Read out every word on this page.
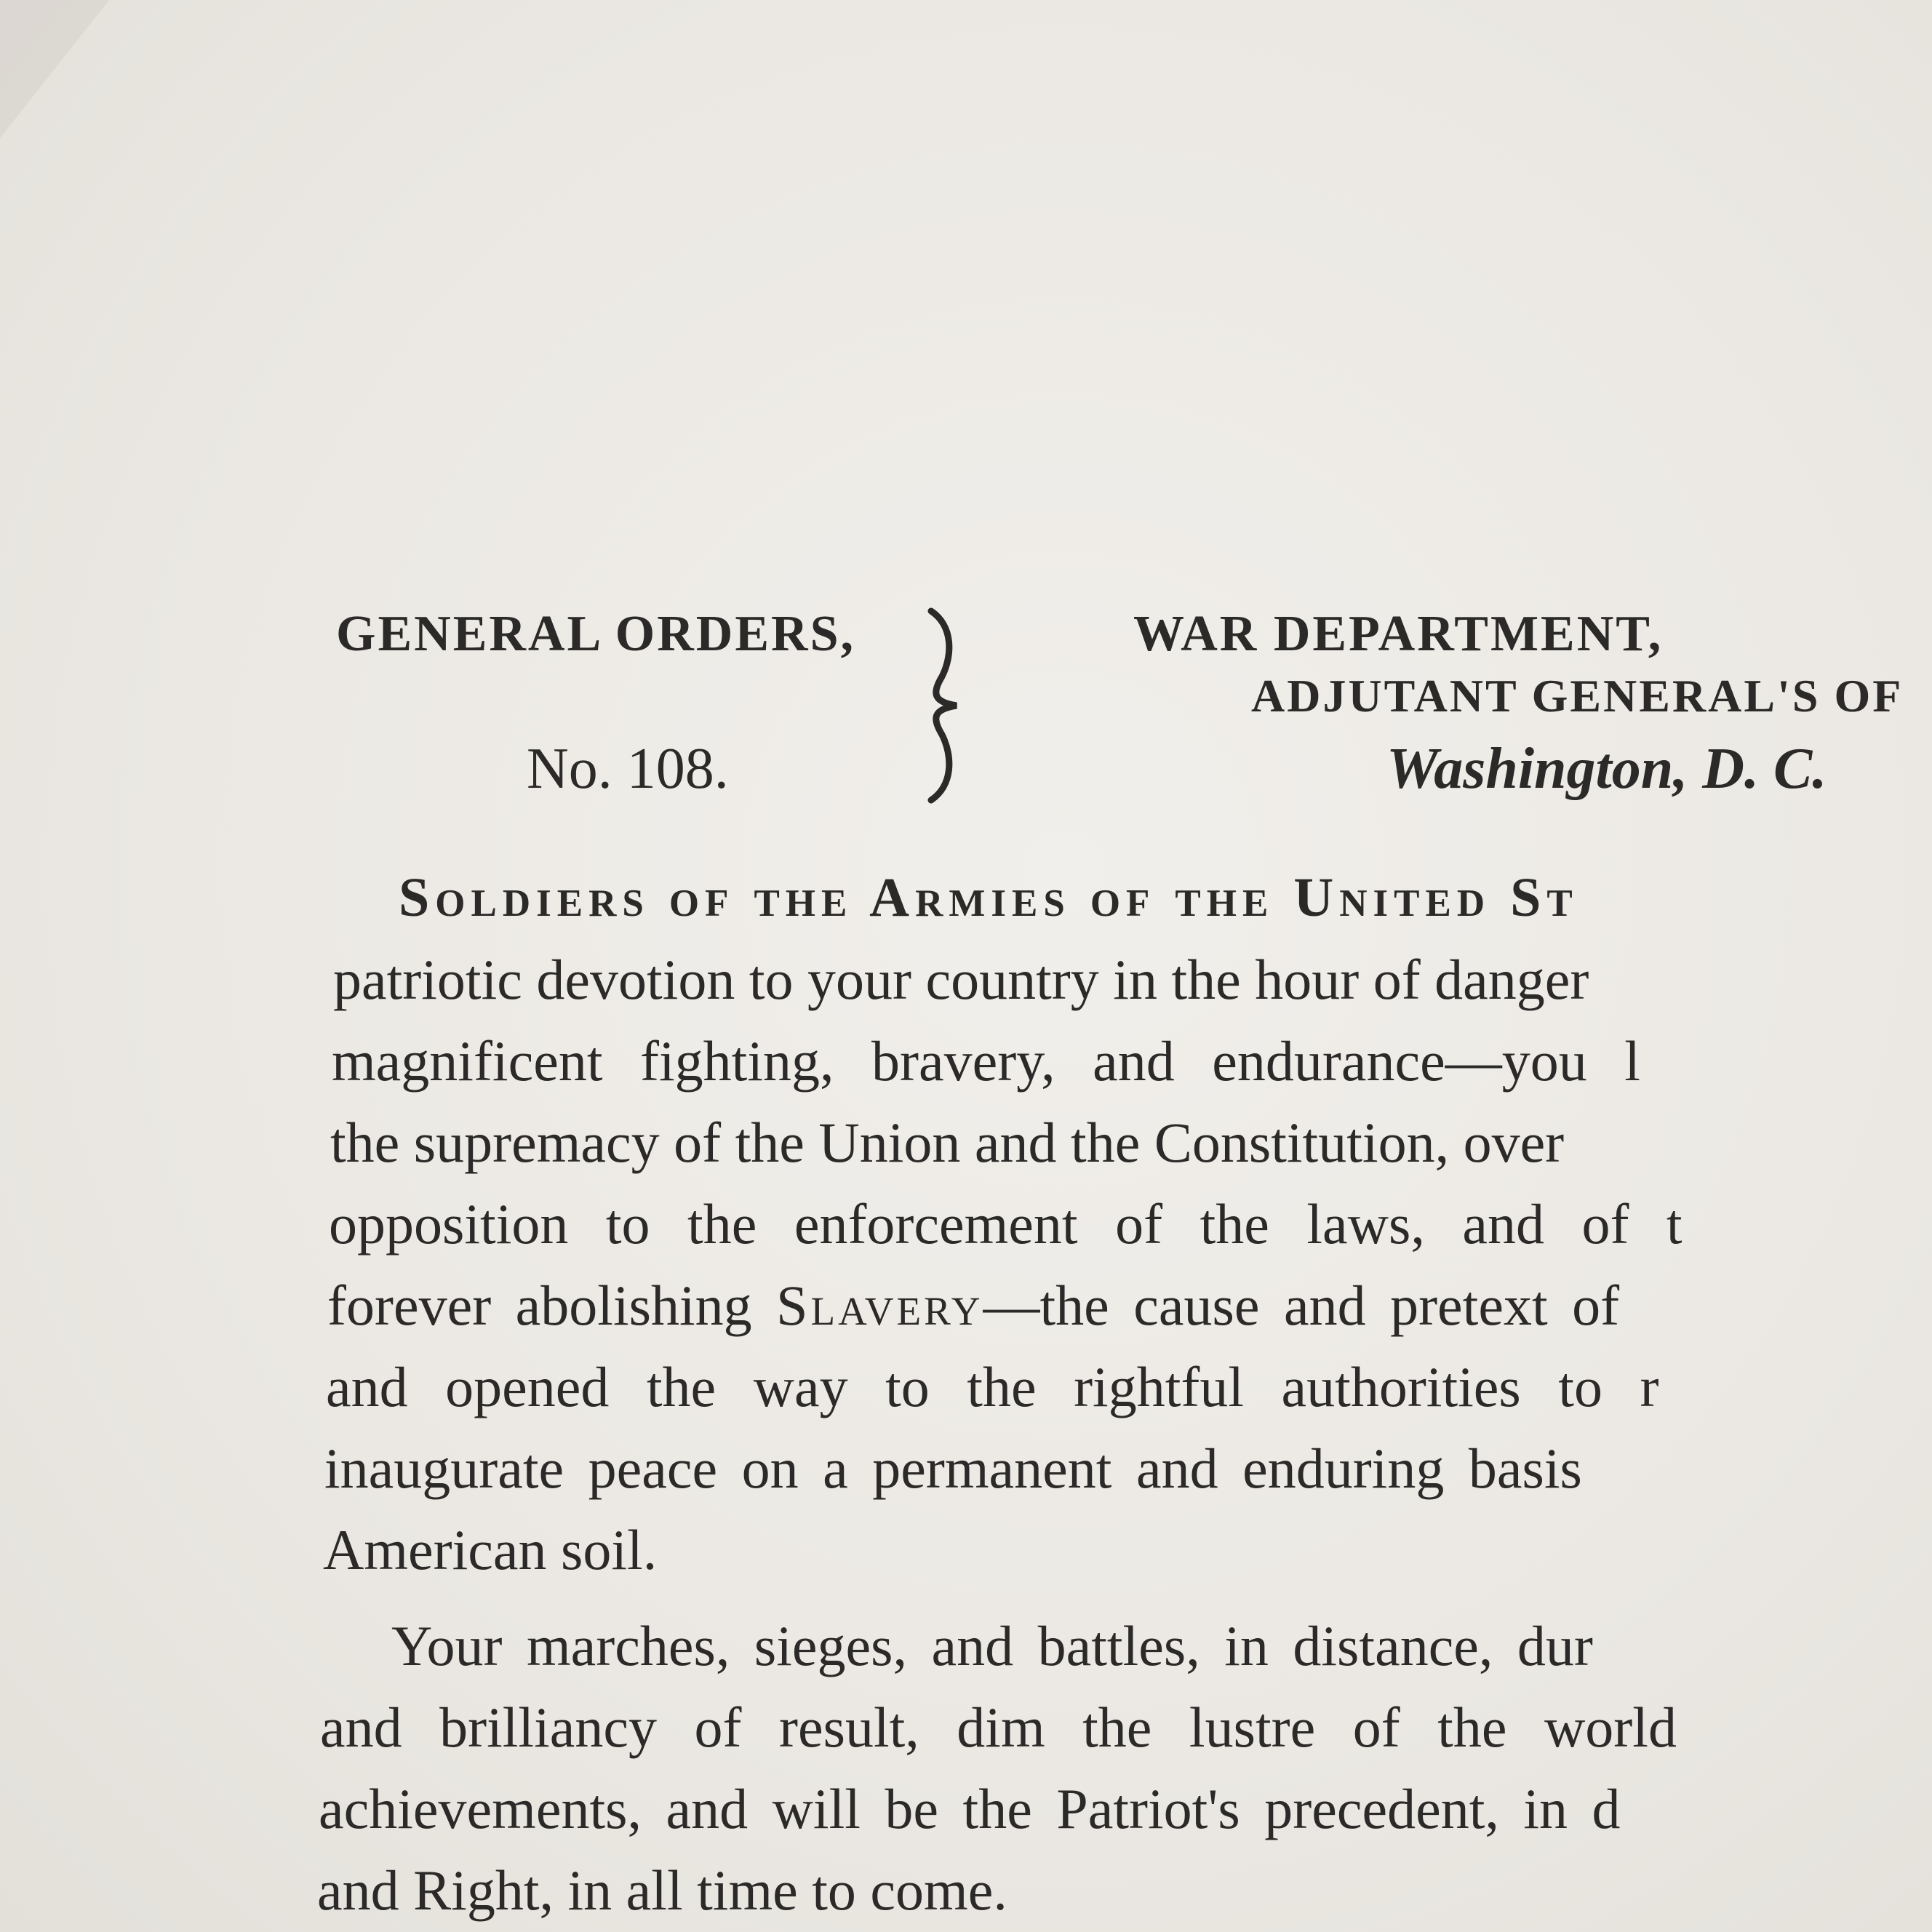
GENERAL ORDERS,
No. 108.
WAR DEPARTMENT,
ADJUTANT GENERAL'S OF
Washington, D. C.
Soldiers of the Armies of the United St
patriotic devotion to your country in the hour of danger
magnificent fighting, bravery, and endurance—you l
the supremacy of the Union and the Constitution, over
opposition to the enforcement of the laws, and of t
forever abolishing Slavery—the cause and pretext of
and opened the way to the rightful authorities to r
inaugurate peace on a permanent and enduring basis
American soil.
Your marches, sieges, and battles, in distance, dur
and brilliancy of result, dim the lustre of the world
achievements, and will be the Patriot's precedent, in d
and Right, in all time to come.
